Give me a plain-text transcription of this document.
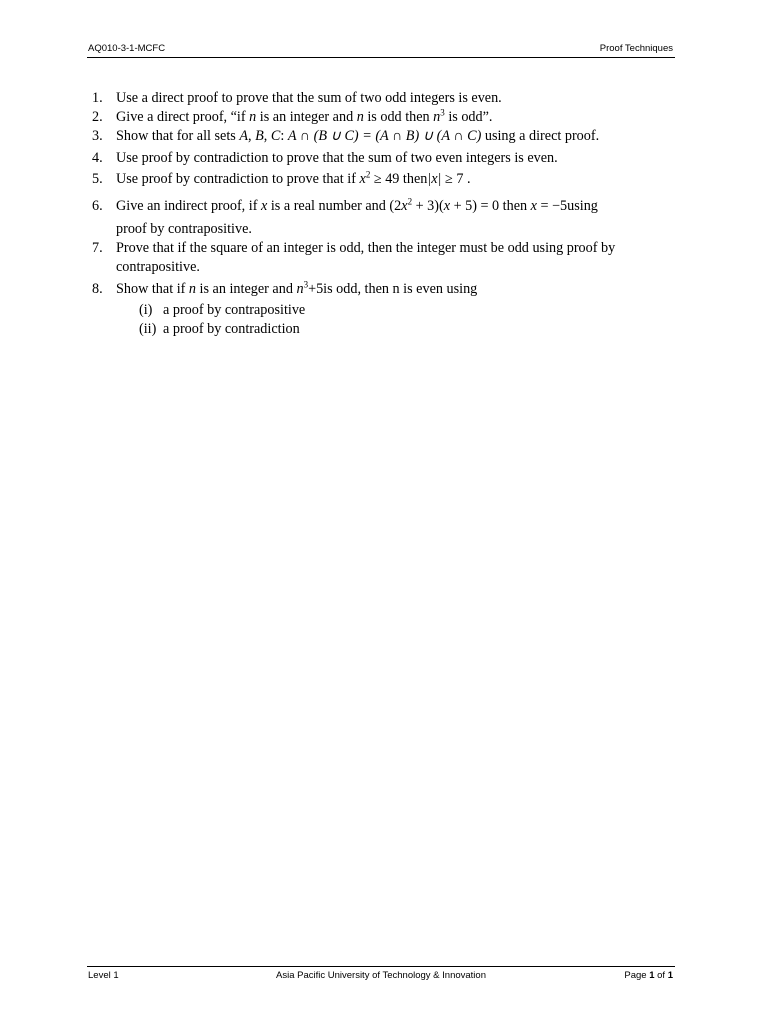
AQ010-3-1-MCFC	Proof Techniques
1. Use a direct proof to prove that the sum of two odd integers is even.
2. Give a direct proof, “if n is an integer and n is odd then $n^3$ is odd”.
3. Show that for all sets A, B, C: A ∩ (B ∪ C) = (A ∩ B) ∪ (A ∩ C) using a direct proof.
4. Use proof by contradiction to prove that the sum of two even integers is even.
5. Use proof by contradiction to prove that if $x^2 \ge 49$ then|x| ≥ 7 .
6. Give an indirect proof, if x is a real number and $(2x^2 + 3)(x + 5) = 0$ then x = −5using
proof by contrapositive.
7. Prove that if the square of an integer is odd, then the integer must be odd using proof by
contrapositive.
8. Show that if n is an integer and $n^3+5is$ odd, then n is even using
(i) a proof by contrapositive
(ii) a proof by contradiction
Level 1	Asia Pacific University of Technology & Innovation	Page 1 of 1
